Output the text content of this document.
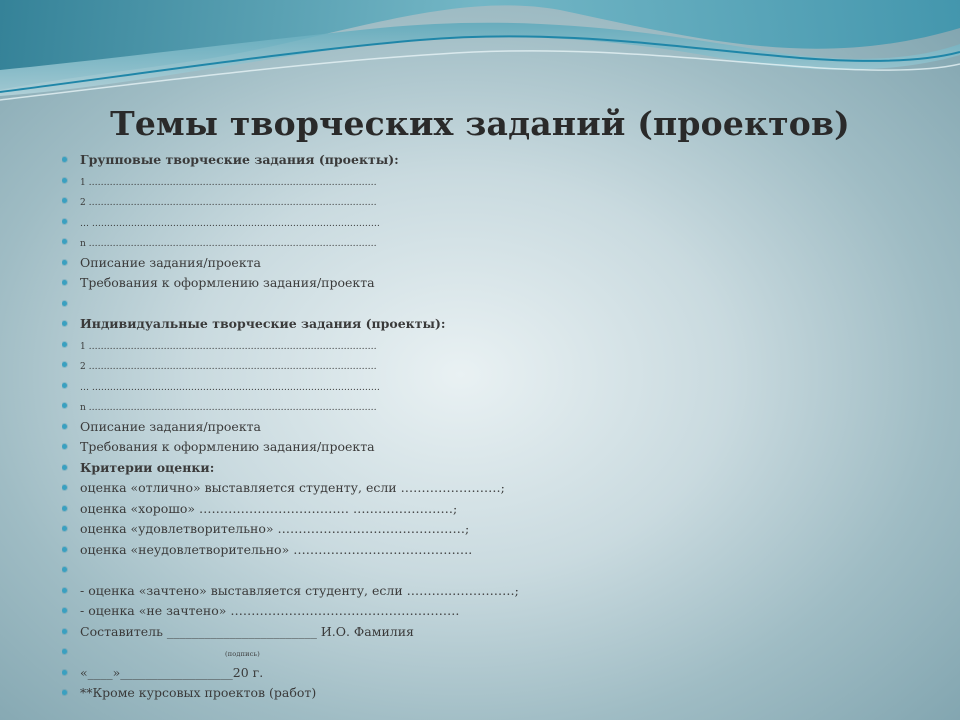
Темы творческих заданий (проектов)
Групповые творческие задания (проекты):
1 ……………………………………………………………………………………
2 ……………………………………………………………………………………
… ……………………………………………………………………………………
n ……………………………………………………………………………………
Описание задания/проекта
Требования к оформлению задания/проекта
Индивидуальные творческие задания (проекты):
1 ……………………………………………………………………………………
2 ……………………………………………………………………………………
… ……………………………………………………………………………………
n ……………………………………………………………………………………
Описание задания/проекта
Требования к оформлению задания/проекта
Критерии оценки:
оценка «отлично» выставляется студенту, если ……………………;
оценка «хорошо» ……………………………… ……………………;
оценка «удовлетворительно» ………………………………………;
оценка «неудовлетворительно» …………………………………….
- оценка «зачтено» выставляется студенту, если ………..……………;
- оценка «не зачтено» ……………………………………………….
Составитель ________________________ И.О. Фамилия
(подпись)
«____»__________________20 г.
**Кроме курсовых проектов (работ)
